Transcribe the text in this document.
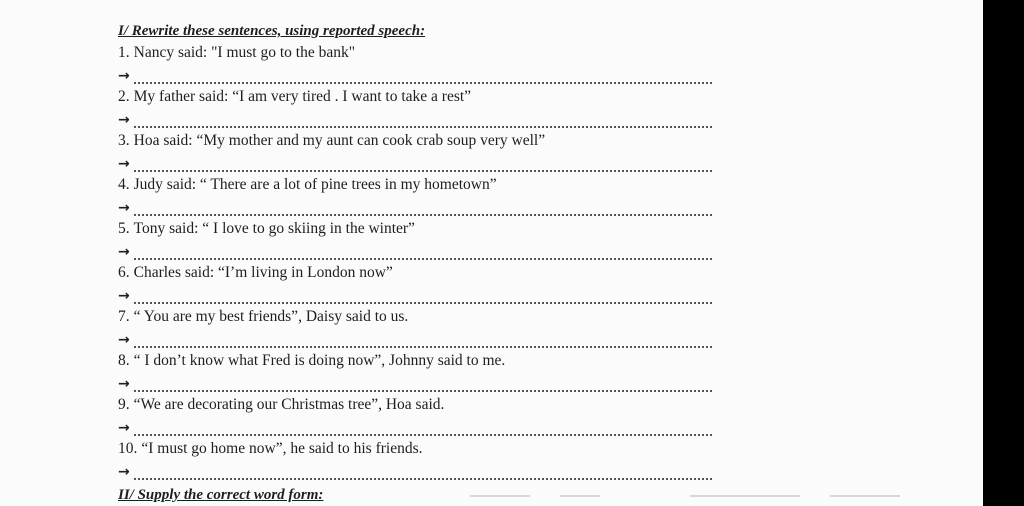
I/ Rewrite these sentences, using reported speech:
1. Nancy said: "I must go to the bank"
→
2. My father said: “I am very tired . I want to take a rest”
→
3. Hoa said: “My mother and my aunt can cook crab soup very well”
→
4. Judy said: “ There are a lot of pine trees in my hometown”
→
5. Tony said: “ I love to go skiing in the winter”
→
6. Charles said: “I’m living in London now”
→
7. “ You are my best friends”, Daisy said to us.
→
8. “ I don’t know what Fred is doing now”, Johnny said to me.
→
9. “We are decorating our Christmas tree”, Hoa said.
→
10. “I must go home now”, he said to his friends.
→
II/ Supply the correct word form:
